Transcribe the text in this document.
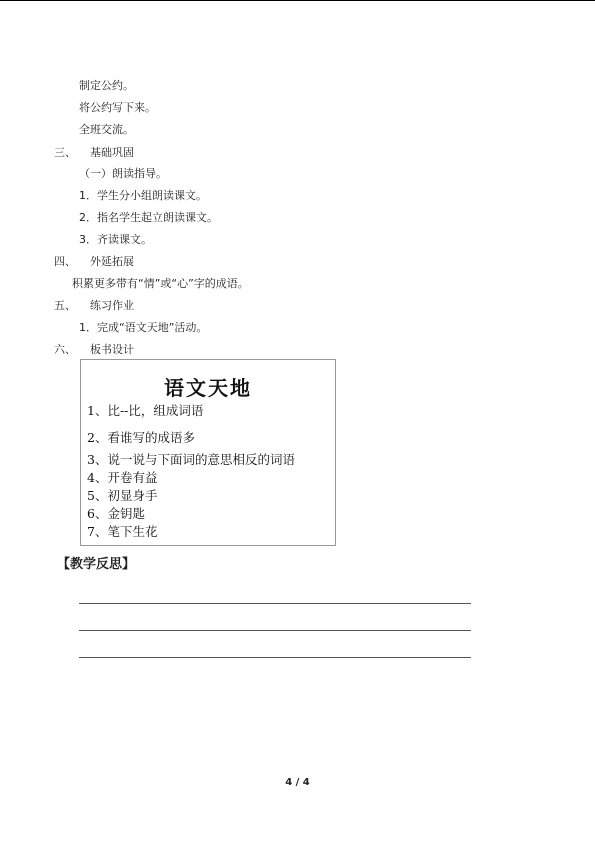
制定公约。
将公约写下来。
全班交流。
三、 基础巩固
（一）朗读指导。
1．学生分小组朗读课文。
2．指名学生起立朗读课文。
3．齐读课文。
四、 外延拓展
积累更多带有“情”或“心”字的成语。
五、 练习作业
1．完成“语文天地”活动。
六、 板书设计
语文天地
1、比--比，组成词语
2、看谁写的成语多
3、说一说与下面词的意思相反的词语
4、开卷有益
5、初显身手
6、金钥匙
7、笔下生花
【教学反思】
4 / 4
